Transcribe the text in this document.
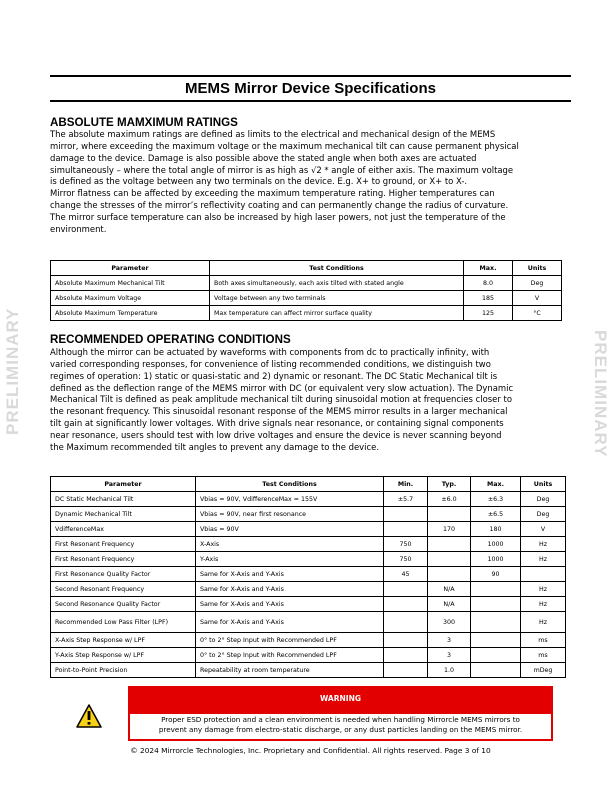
MEMS Mirror Device Specifications
PRELIMINARY	PRELIMINARY
ABSOLUTE MAMXIMUM RATINGS
The absolute maximum ratings are defined as limits to the electrical and mechanical design of the MEMS
mirror, where exceeding the maximum voltage or the maximum mechanical tilt can cause permanent physical
damage to the device. Damage is also possible above the stated angle when both axes are actuated
simultaneously – where the total angle of mirror is as high as √2 * angle of either axis. The maximum voltage
is defined as the voltage between any two terminals on the device. E.g. X+ to ground, or X+ to X-.
Mirror flatness can be affected by exceeding the maximum temperature rating. Higher temperatures can
change the stresses of the mirror’s reflectivity coating and can permanently change the radius of curvature.
The mirror surface temperature can also be increased by high laser powers, not just the temperature of the
environment.
Parameter	Test Conditions	Max.	Units
Absolute Maximum Mechanical Tilt	Both axes simultaneously, each axis tilted with stated angle	8.0	Deg
Absolute Maximum Voltage	Voltage between any two terminals	185	V
Absolute Maximum Temperature	Max temperature can affect mirror surface quality	125	°C
RECOMMENDED OPERATING CONDITIONS
Although the mirror can be actuated by waveforms with components from dc to practically infinity, with
varied corresponding responses, for convenience of listing recommended conditions, we distinguish two
regimes of operation: 1) static or quasi-static and 2) dynamic or resonant. The DC Static Mechanical tilt is
defined as the deflection range of the MEMS mirror with DC (or equivalent very slow actuation). The Dynamic
Mechanical Tilt is defined as peak amplitude mechanical tilt during sinusoidal motion at frequencies closer to
the resonant frequency. This sinusoidal resonant response of the MEMS mirror results in a larger mechanical
tilt gain at significantly lower voltages. With drive signals near resonance, or containing signal components
near resonance, users should test with low drive voltages and ensure the device is never scanning beyond
the Maximum recommended tilt angles to prevent any damage to the device.
Parameter	Test Conditions	Min.	Typ.	Max.	Units
DC Static Mechanical Tilt	Vbias = 90V, VdifferenceMax = 155V	±5.7	±6.0	±6.3	Deg
Dynamic Mechanical Tilt	Vbias = 90V, near first resonance			±6.5	Deg
VdifferenceMax	Vbias = 90V		170	180	V
First Resonant Frequency	X-Axis	750		1000	Hz
First Resonant Frequency	Y-Axis	750		1000	Hz
First Resonance Quality Factor	Same for X-Axis and Y-Axis	45		90	
Second Resonant Frequency	Same for X-Axis and Y-Axis		N/A		Hz
Second Resonance Quality Factor	Same for X-Axis and Y-Axis		N/A		Hz
Recommended Low Pass Filter (LPF)	Same for X-Axis and Y-Axis		300		Hz
X-Axis Step Response w/ LPF	0° to 2° Step Input with Recommended LPF		3		ms
Y-Axis Step Response w/ LPF	0° to 2° Step Input with Recommended LPF		3		ms
Point-to-Point Precision	Repeatability at room temperature		1.0		mDeg
WARNING
Proper ESD protection and a clean environment is needed when handling Mirrorcle MEMS mirrors to
prevent any damage from electro-static discharge, or any dust particles landing on the MEMS mirror.
© 2024 Mirrorcle Technologies, Inc. Proprietary and Confidential. All rights reserved. Page 3 of 10
